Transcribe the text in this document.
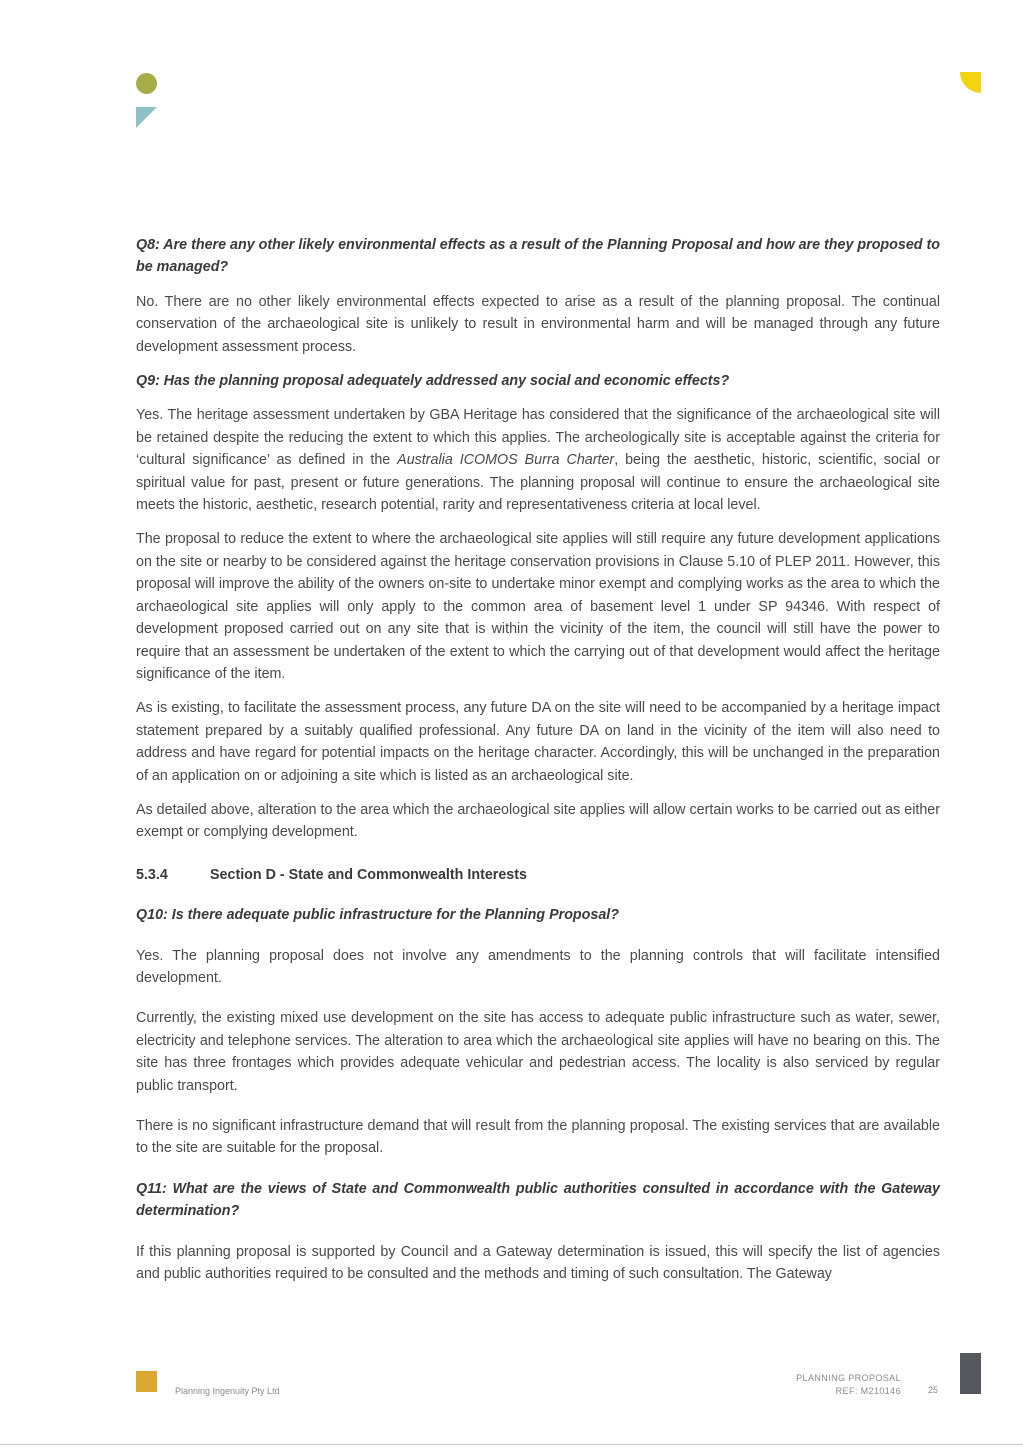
Q8: Are there any other likely environmental effects as a result of the Planning Proposal and how are they proposed to be managed?

No. There are no other likely environmental effects expected to arise as a result of the planning proposal. The continual conservation of the archaeological site is unlikely to result in environmental harm and will be managed through any future development assessment process.

Q9: Has the planning proposal adequately addressed any social and economic effects?

Yes. The heritage assessment undertaken by GBA Heritage has considered that the significance of the archaeological site will be retained despite the reducing the extent to which this applies. The archeologically site is acceptable against the criteria for ‘cultural significance’ as defined in the Australia ICOMOS Burra Charter, being the aesthetic, historic, scientific, social or spiritual value for past, present or future generations. The planning proposal will continue to ensure the archaeological site meets the historic, aesthetic, research potential, rarity and representativeness criteria at local level.

The proposal to reduce the extent to where the archaeological site applies will still require any future development applications on the site or nearby to be considered against the heritage conservation provisions in Clause 5.10 of PLEP 2011. However, this proposal will improve the ability of the owners on-site to undertake minor exempt and complying works as the area to which the archaeological site applies will only apply to the common area of basement level 1 under SP 94346. With respect of development proposed carried out on any site that is within the vicinity of the item, the council will still have the power to require that an assessment be undertaken of the extent to which the carrying out of that development would affect the heritage significance of the item.

As is existing, to facilitate the assessment process, any future DA on the site will need to be accompanied by a heritage impact statement prepared by a suitably qualified professional. Any future DA on land in the vicinity of the item will also need to address and have regard for potential impacts on the heritage character. Accordingly, this will be unchanged in the preparation of an application on or adjoining a site which is listed as an archaeological site.

As detailed above, alteration to the area which the archaeological site applies will allow certain works to be carried out as either exempt or complying development.

5.3.4	Section D - State and Commonwealth Interests

Q10: Is there adequate public infrastructure for the Planning Proposal?

Yes. The planning proposal does not involve any amendments to the planning controls that will facilitate intensified development.

Currently, the existing mixed use development on the site has access to adequate public infrastructure such as water, sewer, electricity and telephone services. The alteration to area which the archaeological site applies will have no bearing on this. The site has three frontages which provides adequate vehicular and pedestrian access. The locality is also serviced by regular public transport.

There is no significant infrastructure demand that will result from the planning proposal. The existing services that are available to the site are suitable for the proposal.

Q11: What are the views of State and Commonwealth public authorities consulted in accordance with the Gateway determination?

If this planning proposal is supported by Council and a Gateway determination is issued, this will specify the list of agencies and public authorities required to be consulted and the methods and timing of such consultation. The Gateway

Planning Ingenuity Pty Ltd
PLANNING PROPOSAL
REF: M210146	25
